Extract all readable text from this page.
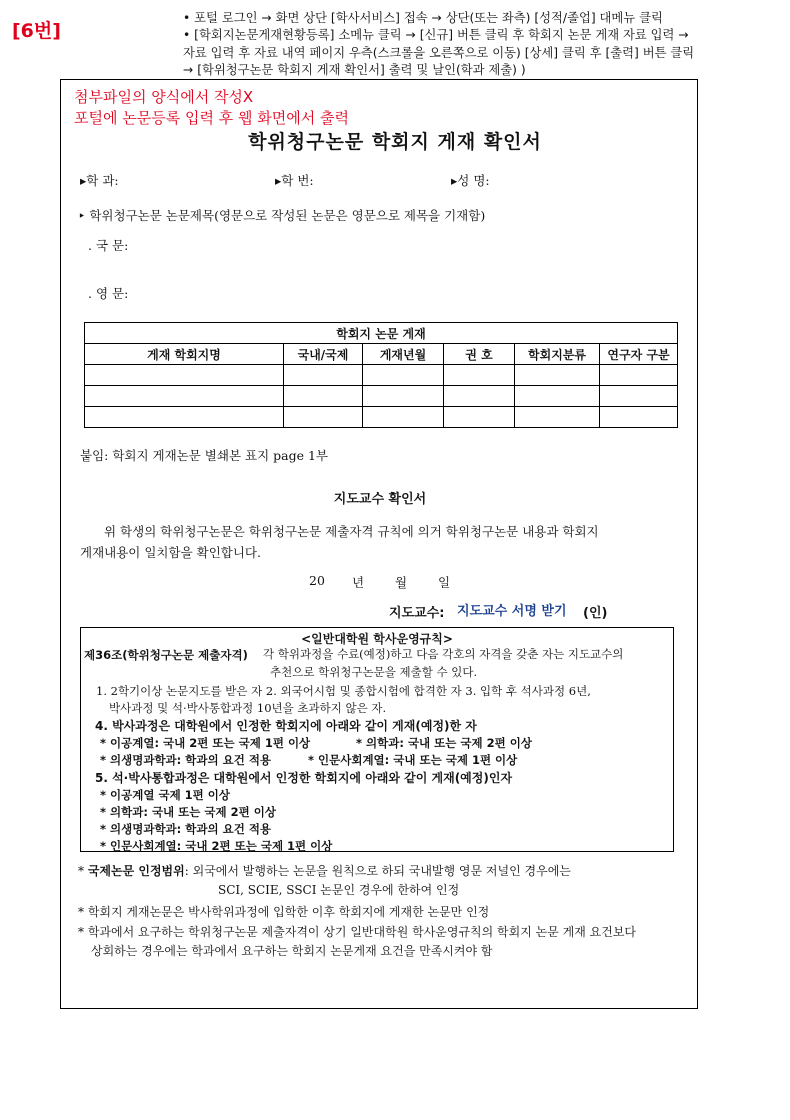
[6번]
• 포털 로그인 → 화면 상단 [학사서비스] 접속 → 상단(또는 좌측) [성적/졸업] 대메뉴 클릭
• [학회지논문게재현황등록] 소메뉴 클릭 → [신규] 버튼 클릭 후 학회지 논문 게재 자료 입력 →
자료 입력 후 자료 내역 페이지 우측(스크롤을 오른쪽으로 이동) [상세] 클릭 후 [출력] 버튼 클릭
→ [학위청구논문 학회지 게재 확인서] 출력 및 날인(학과 제출) )
첨부파일의 양식에서 작성X
포털에 논문등록 입력 후 웹 화면에서 출력
학위청구논문 학회지 게재 확인서
▸학 과:	▸학 번:	▸성 명:
‣ 학위청구논문 논문제목(영문으로 작성된 논문은 영문으로 제목을 기재함)
. 국 문:
. 영 문:
학회지 논문 게재					
게재 학회지명	국내/국제	게재년월	권 호	학회지분류	연구자 구분

붙임: 학회지 게재논문 별쇄본 표지 page 1부
지도교수 확인서
위 학생의 학위청구논문은 학위청구논문 제출자격 규칙에 의거 학위청구논문 내용과 학회지
게재내용이 일치함을 확인합니다.
20 년 월 일
지도교수: 지도교수 서명 받기 (인)
<일반대학원 학사운영규칙>
제36조(학위청구논문 제출자격) 각 학위과정을 수료(예정)하고 다음 각호의 자격을 갖춘 자는 지도교수의
추천으로 학위청구논문을 제출할 수 있다.
1. 2학기이상 논문지도를 받은 자 2. 외국어시험 및 종합시험에 합격한 자 3. 입학 후 석사과정 6년,
박사과정 및 석·박사통합과정 10년을 초과하지 않은 자.
4. 박사과정은 대학원에서 인정한 학회지에 아래와 같이 게재(예정)한 자
* 이공계열: 국내 2편 또는 국제 1편 이상	* 의학과: 국내 또는 국제 2편 이상
* 의생명과학과: 학과의 요건 적용	* 인문사회계열: 국내 또는 국제 1편 이상
5. 석·박사통합과정은 대학원에서 인정한 학회지에 아래와 같이 게재(예정)인자
* 이공계열 국제 1편 이상
* 의학과: 국내 또는 국제 2편 이상
* 의생명과학과: 학과의 요건 적용
* 인문사회계열: 국내 2편 또는 국제 1편 이상
* 국제논문 인정범위: 외국에서 발행하는 논문을 원칙으로 하되 국내발행 영문 저널인 경우에는
SCI, SCIE, SSCI 논문인 경우에 한하여 인정
* 학회지 게재논문은 박사학위과정에 입학한 이후 학회지에 게재한 논문만 인정
* 학과에서 요구하는 학위청구논문 제출자격이 상기 일반대학원 학사운영규칙의 학회지 논문 게재 요건보다
상회하는 경우에는 학과에서 요구하는 학회지 논문게재 요건을 만족시켜야 함
